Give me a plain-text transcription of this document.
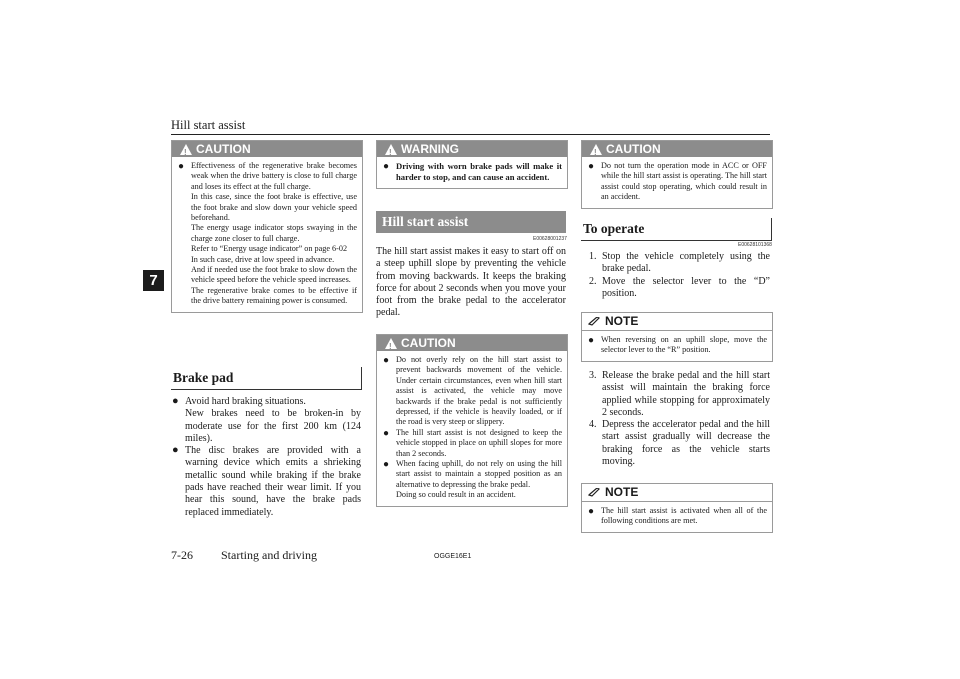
Hill start assist
7
!
CAUTION
● Effectiveness of the regenerative brake becomes weak when the drive battery is close to full charge and loses its effect at the full charge.
In this case, since the foot brake is effective, use the foot brake and slow down your vehicle speed beforehand.
The energy usage indicator stops swaying in the charge zone closer to full charge.
Refer to “Energy usage indicator” on page 6-02
In such case, drive at low speed in advance.
And if needed use the foot brake to slow down the vehicle speed before the vehicle speed increases.
The regenerative brake comes to be effective if the drive battery remaining power is consumed.
Brake pad
● Avoid hard braking situations.
New brakes need to be broken-in by moderate use for the first 200 km (124 miles).
● The disc brakes are provided with a warning device which emits a shrieking metallic sound while braking if the brake pads have reached their wear limit. If you hear this sound, have the brake pads replaced immediately.
!
WARNING
● Driving with worn brake pads will make it harder to stop, and can cause an accident.
Hill start assist
E00628001237
The hill start assist makes it easy to start off on a steep uphill slope by preventing the vehicle from moving backwards. It keeps the braking force for about 2 seconds when you move your foot from the brake pedal to the accelerator pedal.
!
CAUTION
● Do not overly rely on the hill start assist to prevent backwards movement of the vehicle. Under certain circumstances, even when hill start assist is activated, the vehicle may move backwards if the brake pedal is not sufficiently depressed, if the vehicle is heavily loaded, or if the road is very steep or slippery.
● The hill start assist is not designed to keep the vehicle stopped in place on uphill slopes for more than 2 seconds.
● When facing uphill, do not rely on using the hill start assist to maintain a stopped position as an alternative to depressing the brake pedal.
Doing so could result in an accident.
!
CAUTION
● Do not turn the operation mode in ACC or OFF while the hill start assist is operating. The hill start assist could stop operating, which could result in an accident.
To operate
E00628101368
1. Stop the vehicle completely using the brake pedal.
2. Move the selector lever to the “D” position.
NOTE
● When reversing on an uphill slope, move the selector lever to the “R” position.
3. Release the brake pedal and the hill start assist will maintain the braking force applied while stopping for approximately 2 seconds.
4. Depress the accelerator pedal and the hill start assist gradually will decrease the braking force as the vehicle starts moving.
NOTE
● The hill start assist is activated when all of the following conditions are met.
7-26 Starting and driving	OGGE16E1
